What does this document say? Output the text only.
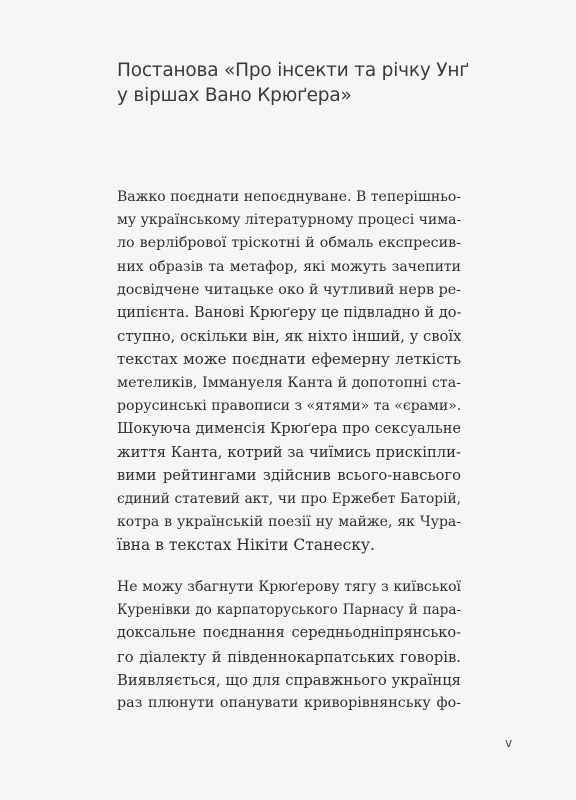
Постанова «Про інсекти та річку Унґ
у віршах Вано Крюґера»
Важко поєднати непоєднуване. В теперішньо-
му українському літературному процесі чима-
ло верлібрової тріскотні й обмаль експресив-
них образів та метафор, які можуть зачепити
досвідчене читацьке око й чутливий нерв ре-
ципієнта. Ванові Крюґеру це підвладно й до-
ступно, оскільки він, як ніхто інший, у своїх
текстах може поєднати ефемерну леткість
метеликів, Іммануеля Канта й допотопні ста-
рорусинські правописи з «ятями» та «єрами».
Шокуюча дименсія Крюґера про сексуальне
життя Канта, котрий за чиїмись прискіпли-
вими рейтингами здійснив всього-навсього
єдиний статевий акт, чи про Ержебет Баторій,
котра в українській поезії ну майже, як Чура-
ївна в текстах Нікіти Станеску.
Не можу збагнути Крюґерову тягу з київської
Куренівки до карпаторуського Парнасу й пара-
доксальне поєднання середньодніпрянсько-
го діалекту й південнокарпатських говорів.
Виявляється, що для справжнього українця
раз плюнути опанувати криворівнянську фо-
v
